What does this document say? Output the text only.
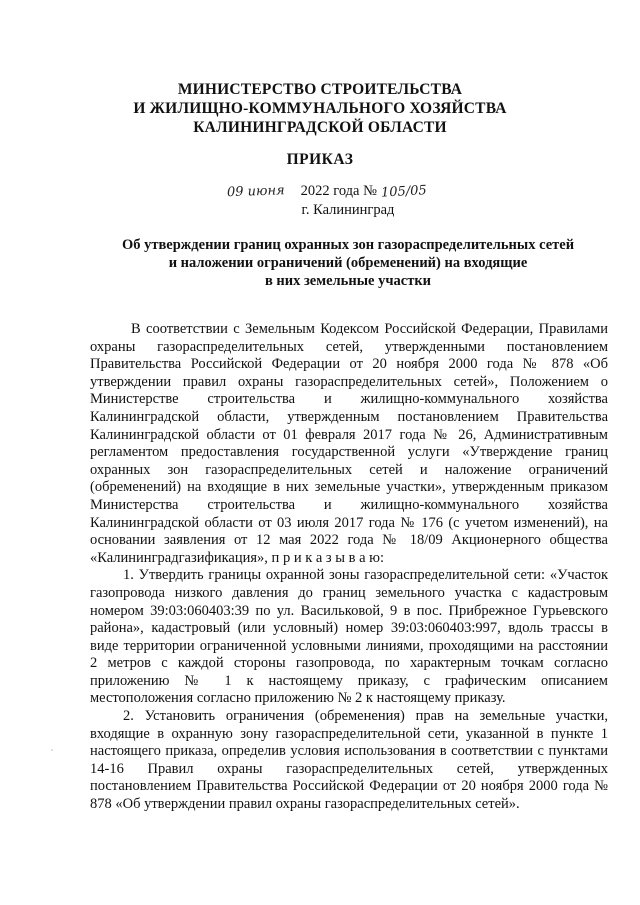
МИНИСТЕРСТВО СТРОИТЕЛЬСТВА
И ЖИЛИЩНО-КОММУНАЛЬНОГО ХОЗЯЙСТВА
КАЛИНИНГРАДСКОЙ ОБЛАСТИ
ПРИКАЗ
09 июня 2022 года № 105/05
г. Калининград
Об утверждении границ охранных зон газораспределительных сетей
и наложении ограничений (обременений) на входящие
в них земельные участки

В соответствии с Земельным Кодексом Российской Федерации, Правилами охраны газораспределительных сетей, утвержденными постановлением Правительства Российской Федерации от 20 ноября 2000 года № 878 «Об утверждении правил охраны газораспределительных сетей», Положением о Министерстве строительства и жилищно-коммунального хозяйства Калининградской области, утвержденным постановлением Правительства Калининградской области от 01 февраля 2017 года № 26, Административным регламентом предоставления государственной услуги «Утверждение границ охранных зон газораспределительных сетей и наложение ограничений (обременений) на входящие в них земельные участки», утвержденным приказом Министерства строительства и жилищно-коммунального хозяйства Калининградской области от 03 июля 2017 года № 176 (с учетом изменений), на основании заявления от 12 мая 2022 года № 18/09 Акционерного общества «Калининградгазификация», п р и к а з ы в а ю:

1. Утвердить границы охранной зоны газораспределительной сети: «Участок газопровода низкого давления до границ земельного участка с кадастровым номером 39:03:060403:39 по ул. Васильковой, 9 в пос. Прибрежное Гурьевского района», кадастровый (или условный) номер 39:03:060403:997, вдоль трассы в виде территории ограниченной условными линиями, проходящими на расстоянии 2 метров с каждой стороны газопровода, по характерным точкам согласно приложению № 1 к настоящему приказу, с графическим описанием местоположения согласно приложению № 2 к настоящему приказу.

2. Установить ограничения (обременения) прав на земельные участки, входящие в охранную зону газораспределительной сети, указанной в пункте 1 настоящего приказа, определив условия использования в соответствии с пунктами 14-16 Правил охраны газораспределительных сетей, утвержденных постановлением Правительства Российской Федерации от 20 ноября 2000 года № 878 «Об утверждении правил охраны газораспределительных сетей».
